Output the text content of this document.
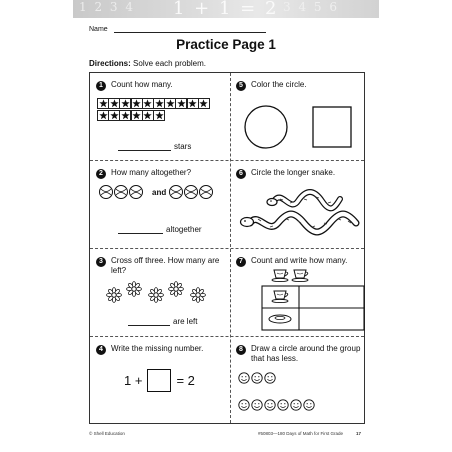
1 2 3 4 1 + 1 = 2 3 4 5 6
Name
Practice Page 1
Directions: Solve each problem.
1	Count how many.
stars
5	Color the circle.
2	How many altogether?
and
altogether
6	Circle the longer snake.
3	Cross off three. How many are left?
are left
7	Count and write how many.
4	Write the missing number.
1 +	= 2
8	Draw a circle around the group that has less.
© Shell Education	#50803—180 Days of Math for First Grade	17
